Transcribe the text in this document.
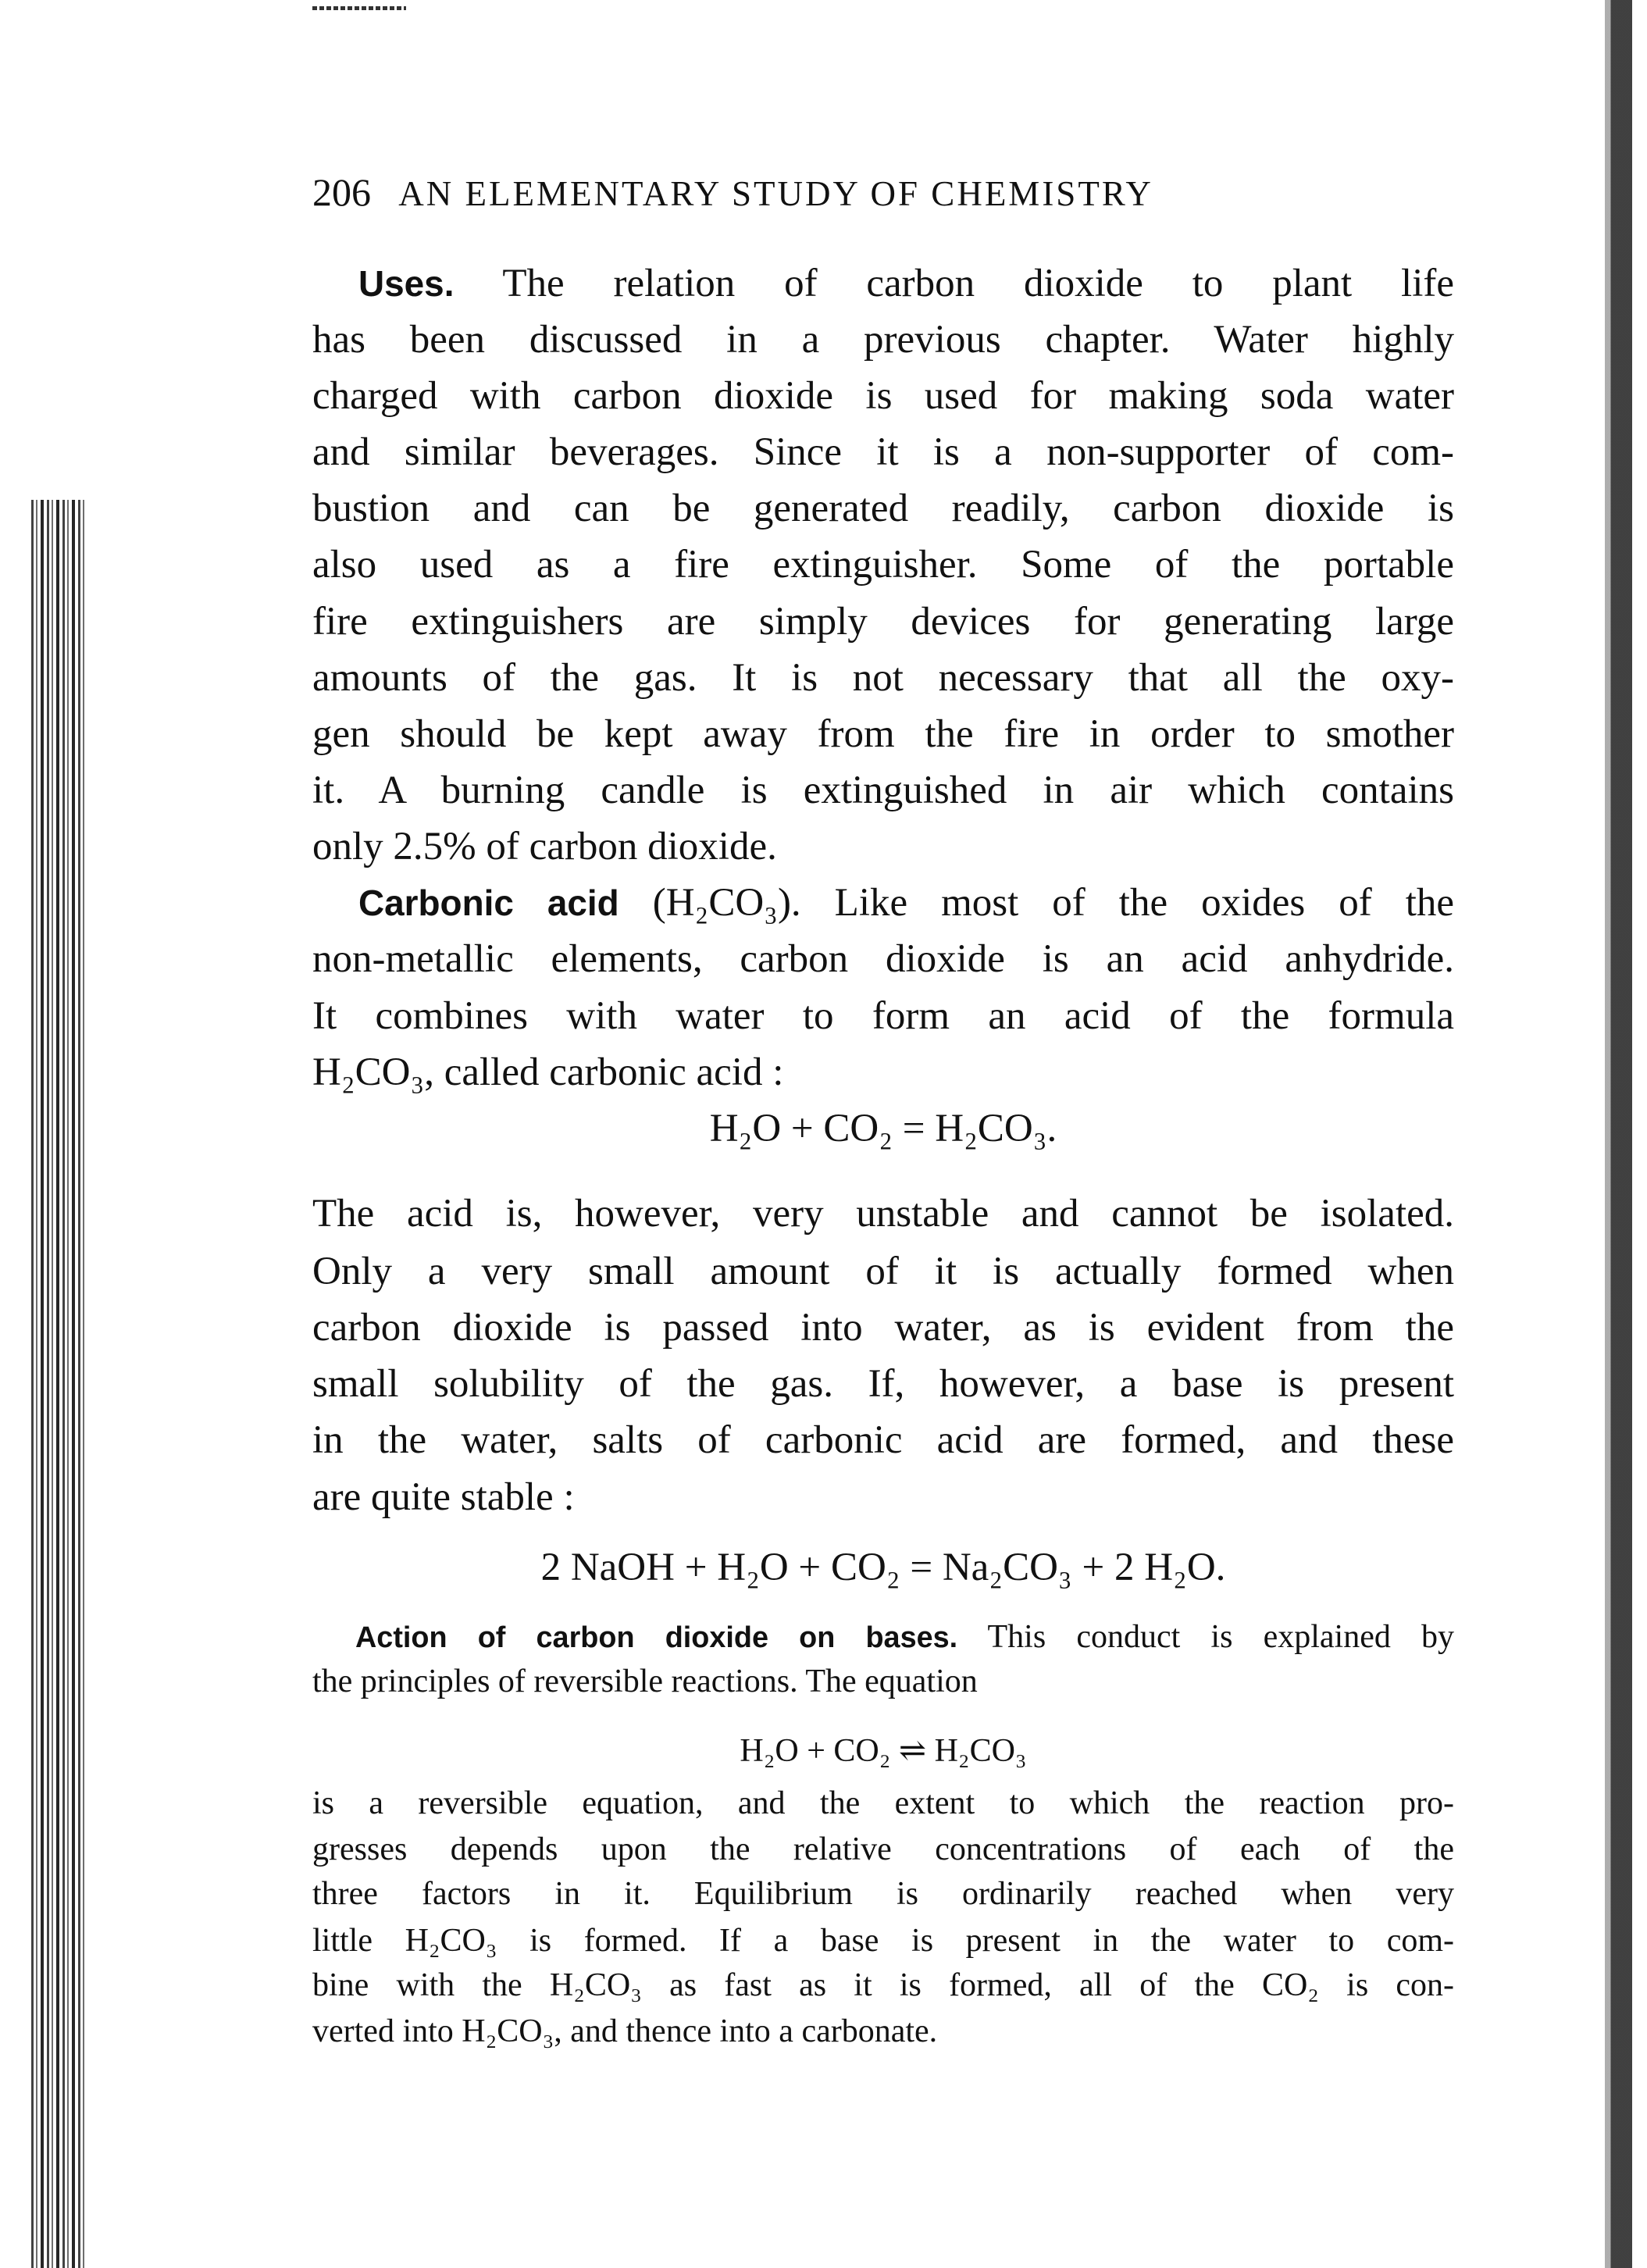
206 AN ELEMENTARY STUDY OF CHEMISTRY
Uses. The relation of carbon dioxide to plant life
has been discussed in a previous chapter. Water highly
charged with carbon dioxide is used for making soda water
and similar beverages. Since it is a non-supporter of com-
bustion and can be generated readily, carbon dioxide is
also used as a fire extinguisher. Some of the portable
fire extinguishers are simply devices for generating large
amounts of the gas. It is not necessary that all the oxy-
gen should be kept away from the fire in order to smother
it. A burning candle is extinguished in air which contains
only 2.5% of carbon dioxide.
Carbonic acid (H₂CO₃). Like most of the oxides of the
non-metallic elements, carbon dioxide is an acid anhydride.
It combines with water to form an acid of the formula
H₂CO₃, called carbonic acid :
H₂O + CO₂ = H₂CO₃.
The acid is, however, very unstable and cannot be isolated.
Only a very small amount of it is actually formed when
carbon dioxide is passed into water, as is evident from the
small solubility of the gas. If, however, a base is present
in the water, salts of carbonic acid are formed, and these
are quite stable :
2 NaOH + H₂O + CO₂ = Na₂CO₃ + 2 H₂O.
Action of carbon dioxide on bases. This conduct is explained by
the principles of reversible reactions. The equation
H₂O + CO₂ ⇌ H₂CO₃
is a reversible equation, and the extent to which the reaction pro-
gresses depends upon the relative concentrations of each of the
three factors in it. Equilibrium is ordinarily reached when very
little H₂CO₃ is formed. If a base is present in the water to com-
bine with the H₂CO₃ as fast as it is formed, all of the CO₂ is con-
verted into H₂CO₃, and thence into a carbonate.
